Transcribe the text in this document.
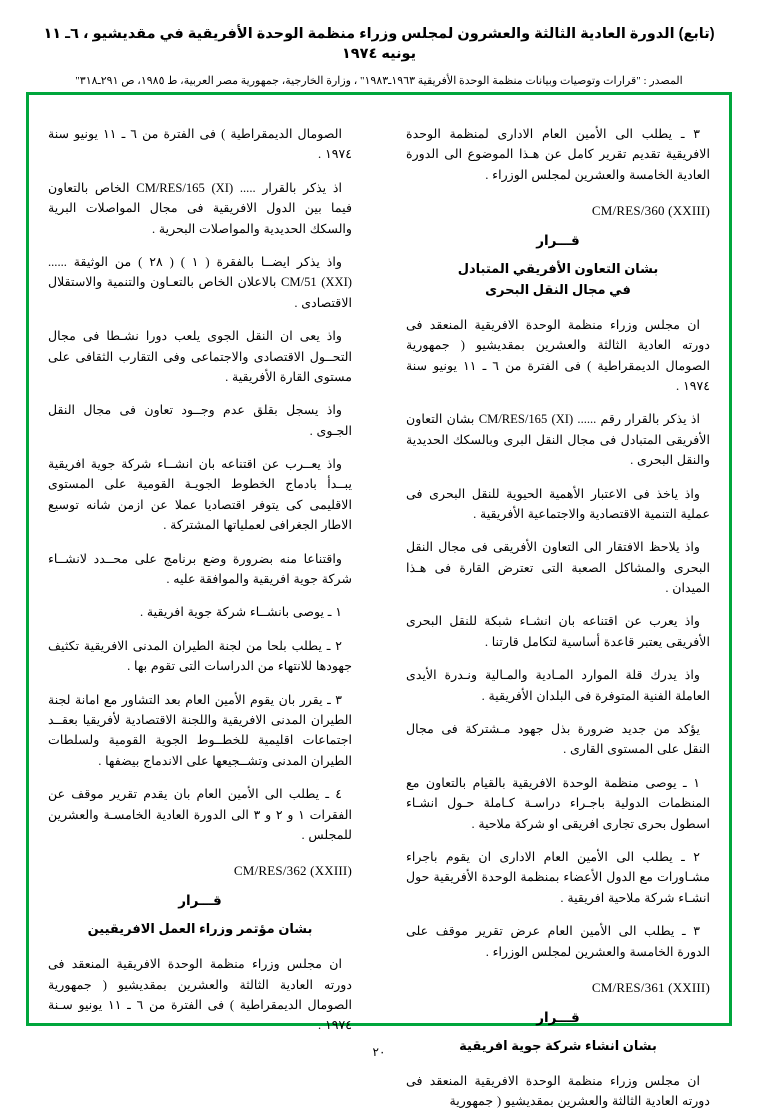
(تابع) الدورة العادية الثالثة والعشرون لمجلس وزراء منظمة الوحدة الأفريقية في مقديشيو ، ٦ـ ١١ يونيه ١٩٧٤
المصدر : "قرارات وتوصيات وبيانات منظمة الوحدة الأفريقية ١٩٦٣ـ١٩٨٣" ، وزارة الخارجية، جمهورية مصر العربية، ط ١٩٨٥، ص ٢٩١ـ٣١٨"

٣ ـ يطلب الى الأمين العام الادارى لمنظمة الوحدة الافريقية تقديم تقرير كامل عن هـذا الموضوع الى الدورة العادية الخامسة والعشرين لمجلس الوزراء .

CM/RES/360 (XXIII)
قـــرار
بشان التعاون الأفريقي المتبادل
في مجال النقل البحرى

ان مجلس وزراء منظمة الوحدة الافريقية المنعقد فى دورته العادية الثالثة والعشرين بمقديشيو ( جمهورية الصومال الديمقراطية ) فى الفترة من ٦ ـ ١١ يونيو سنة ١٩٧٤ .

اذ يذكر بالقرار رقم ...... CM/RES/165 (XI) بشان التعاون الأفريقى المتبادل فى مجال النقل البرى وبالسكك الحديدية والنقل البحرى .

واذ ياخذ فى الاعتبار الأهمية الحيوية للنقل البحرى فى عملية التنمية الاقتصادية والاجتماعية الأفريقية .

واذ يلاحظ الافتقار الى التعاون الأفريقى فى مجال النقل البحرى والمشاكل الصعبة التى تعترض القارة فى هـذا الميدان .

واذ يعرب عن اقتناعه بان انشـاء شبكة للنقل البحرى الأفريقى يعتبر قاعدة أساسية لتكامل قارتنا .

واذ يدرك قلة الموارد المـادية والمـالية ونـدرة الأيدى العاملة الفنية المتوفرة فى البلدان الأفريقية .

يؤكد من جديد ضرورة بذل جهود مـشتركة فى مجال النقل على المستوى القارى .

١ ـ يوصى منظمة الوحدة الافريقية بالقيام بالتعاون مع المنظمات الدولية باجـراء دراسـة كـاملة حـول انشـاء اسطول بحرى تجارى افريقى او شركة ملاحية .

٢ ـ يطلب الى الأمين العام الادارى ان يقوم باجراء مشـاورات مع الدول الأعضاء بمنظمة الوحدة الأفريقية حول انشـاء شركة ملاحية افريقية .

٣ ـ يطلب الى الأمين العام عرض تقرير موقف على الدورة الخامسة والعشرين لمجلس الوزراء .

CM/RES/361 (XXIII)
قـــرار
بشان انشاء شركة جوية افريقية

ان مجلس وزراء منظمة الوحدة الافريقية المنعقد فى دورته العادية الثالثة والعشرين بمقديشيو ( جمهورية

الصومال الديمقراطية ) فى الفترة من ٦ ـ ١١ يونيو سنة ١٩٧٤ .

اذ يذكر بالقرار ..... CM/RES/165 (XI) الخاص بالتعاون فيما بين الدول الافريقية فى مجال المواصلات البرية والسكك الحديدية والمواصلات البحرية .

واذ يذكر ايضــا بالفقرة ( ١ ) ( ٢٨ ) من الوثيقة ...... CM/51 (XXI) بالاعلان الخاص بالتعـاون والتنمية والاستقلال الاقتصادى .

واذ يعى ان النقل الجوى يلعب دورا نشـطا فى مجال التحــول الاقتصادى والاجتماعى وفى التقارب الثقافى على مستوى القارة الأفريقية .

واذ يسجل بقلق عدم وجــود تعاون فى مجال النقل الجـوى .

واذ يعــرب عن اقتناعه بان انشــاء شركة جوية افريقية يبــدأ بادماج الخطوط الجويـة القومية على المستوى الاقليمى كى يتوفر اقتصاديا عملا عن ازمن شانه توسيع الاطار الجغرافى لعملياتها المشتركة .

واقتناعا منه بضرورة وضع برنامج على محــدد لانشــاء شركة جوية افريقية والموافقة عليه .

١ ـ يوصى بانشــاء شركة جوية افريقية .

٢ ـ يطلب بلحا من لجنة الطيران المدنى الافريقية تكثيف جهودها للانتهاء من الدراسات التى تقوم بها .

٣ ـ يقرر بان يقوم الأمين العام بعد التشاور مع امانة لجنة الطيران المدنى الافريقية واللجنة الاقتصادية لأفريقيا بعقــد اجتماعات اقليمية للخطــوط الجوية القومية ولسلطات الطيران المدنى وتشــجيعها على الاندماج بيضفها .

٤ ـ يطلب الى الأمين العام بان يقدم تقرير موقف عن الفقرات ١ و ٢ و ٣ الى الدورة العادية الخامسـة والعشرين للمجلس .

CM/RES/362 (XXIII)
قـــرار
بشان مؤتمر وزراء العمل الافريقيين

ان مجلس وزراء منظمة الوحدة الافريقية المنعقد فى دورته العادية الثالثة والعشرين بمقديشيو ( جمهورية الصومال الديمقراطية ) فى الفترة من ٦ ـ ١١ يونيو سـنة ١٩٧٤ .

٢٠
